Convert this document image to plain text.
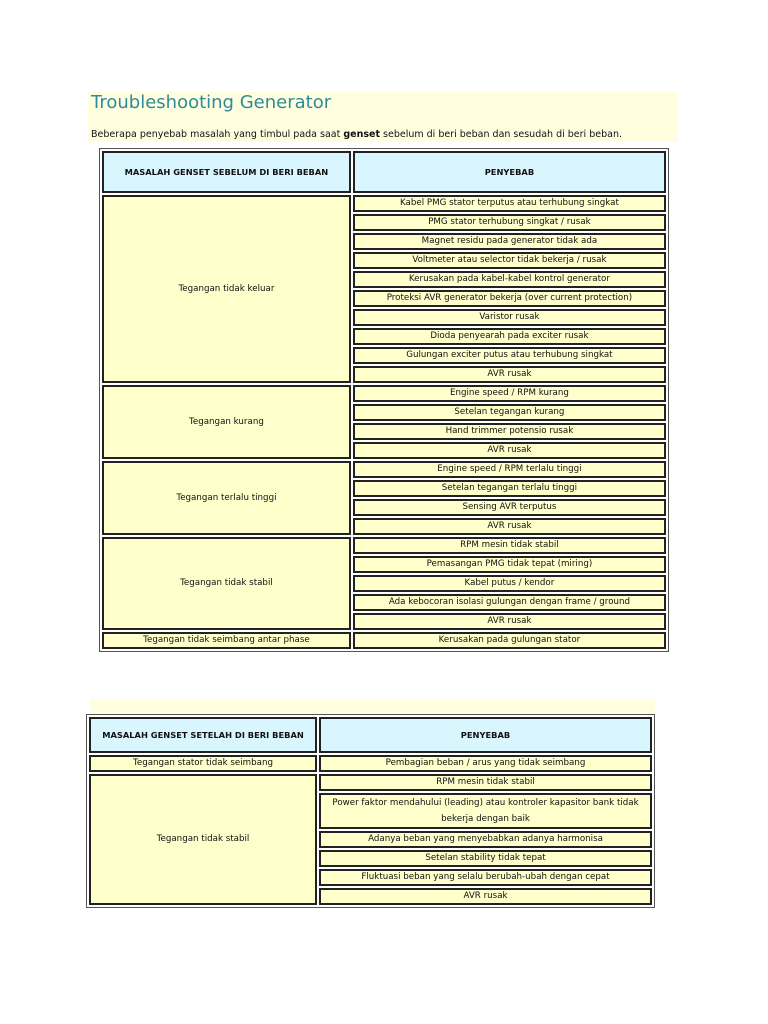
Troubleshooting Generator
Beberapa penyebab masalah yang timbul pada saat genset sebelum di beri beban dan sesudah di beri beban.
MASALAH GENSET SEBELUM DI BERI BEBAN	PENYEBAB
Tegangan tidak keluar	Kabel PMG stator terputus atau terhubung singkat
	PMG stator terhubung singkat / rusak
	Magnet residu pada generator tidak ada
	Voltmeter atau selector tidak bekerja / rusak
	Kerusakan pada kabel-kabel kontrol generator
	Proteksi AVR generator bekerja (over current protection)
	Varistor rusak
	Dioda penyearah pada exciter rusak
	Gulungan exciter putus atau terhubung singkat
	AVR rusak
Tegangan kurang	Engine speed / RPM kurang
	Setelan tegangan kurang
	Hand trimmer potensio rusak
	AVR rusak
Tegangan terlalu tinggi	Engine speed / RPM terlalu tinggi
	Setelan tegangan terlalu tinggi
	Sensing AVR terputus
	AVR rusak
Tegangan tidak stabil	RPM mesin tidak stabil
	Pemasangan PMG tidak tepat (miring)
	Kabel putus / kendor
	Ada kebocoran isolasi gulungan dengan frame / ground
	AVR rusak
Tegangan tidak seimbang antar phase	Kerusakan pada gulungan stator
MASALAH GENSET SETELAH DI BERI BEBAN	PENYEBAB
Tegangan stator tidak seimbang	Pembagian beban / arus yang tidak seimbang
Tegangan tidak stabil	RPM mesin tidak stabil
	Power faktor mendahului (leading) atau kontroler kapasitor bank tidak bekerja dengan baik
	Adanya beban yang menyebabkan adanya harmonisa
	Setelan stability tidak tepat
	Fluktuasi beban yang selalu berubah-ubah dengan cepat
	AVR rusak
